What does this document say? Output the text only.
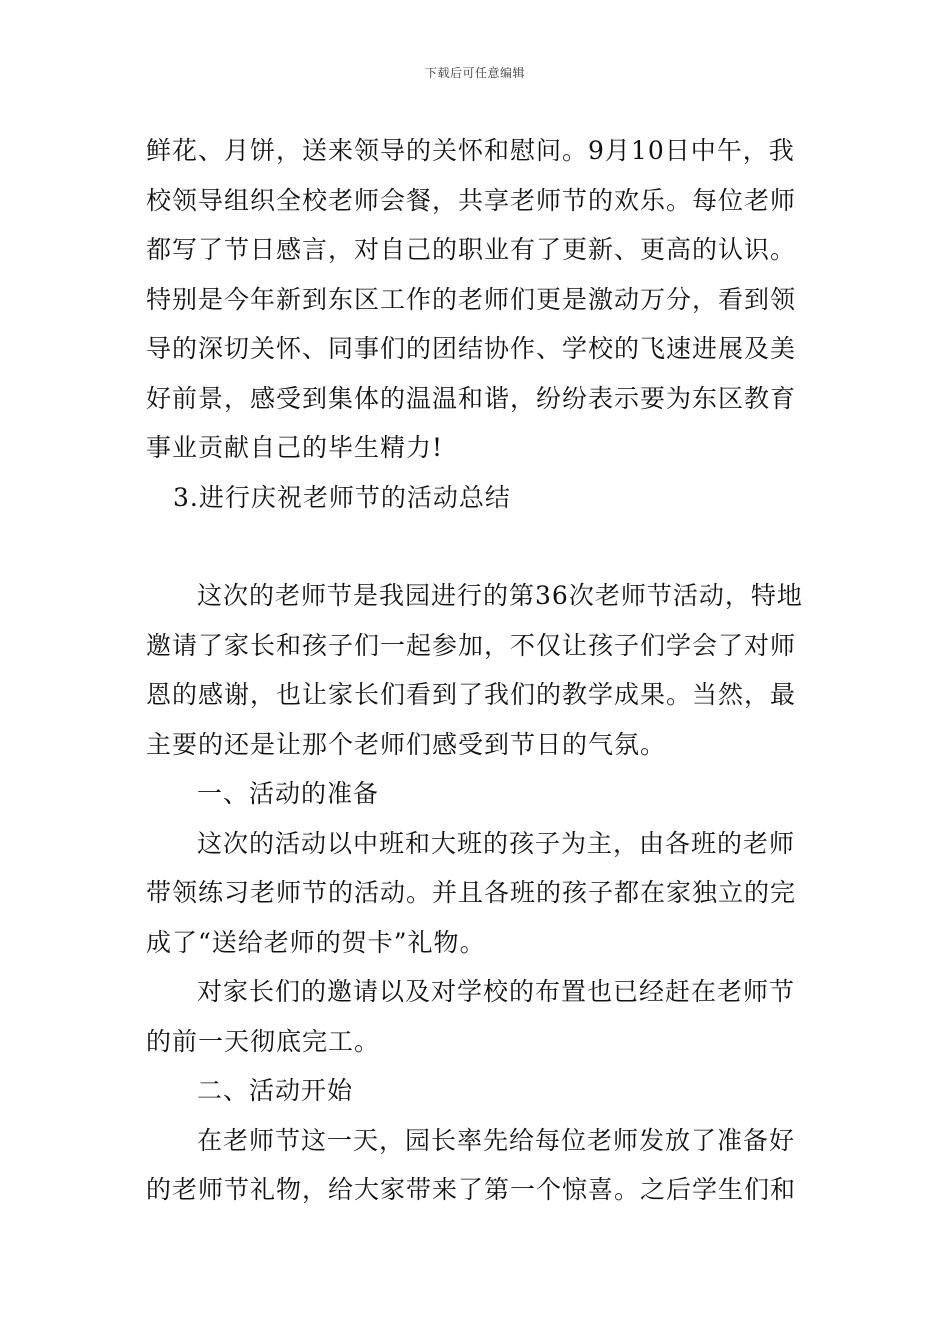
下载后可任意编辑
鲜花、月饼，送来领导的关怀和慰问。9月10日中午，我
校领导组织全校老师会餐，共享老师节的欢乐。每位老师
都写了节日感言，对自己的职业有了更新、更高的认识。
特别是今年新到东区工作的老师们更是激动万分，看到领
导的深切关怀、同事们的团结协作、学校的飞速进展及美
好前景，感受到集体的温温和谐，纷纷表示要为东区教育
事业贡献自己的毕生精力!
3.进行庆祝老师节的活动总结
这次的老师节是我园进行的第36次老师节活动，特地
邀请了家长和孩子们一起参加，不仅让孩子们学会了对师
恩的感谢，也让家长们看到了我们的教学成果。当然，最
主要的还是让那个老师们感受到节日的气氛。
一、活动的准备
这次的活动以中班和大班的孩子为主，由各班的老师
带领练习老师节的活动。并且各班的孩子都在家独立的完
成了“送给老师的贺卡”礼物。
对家长们的邀请以及对学校的布置也已经赶在老师节
的前一天彻底完工。
二、活动开始
在老师节这一天，园长率先给每位老师发放了准备好
的老师节礼物，给大家带来了第一个惊喜。之后学生们和
